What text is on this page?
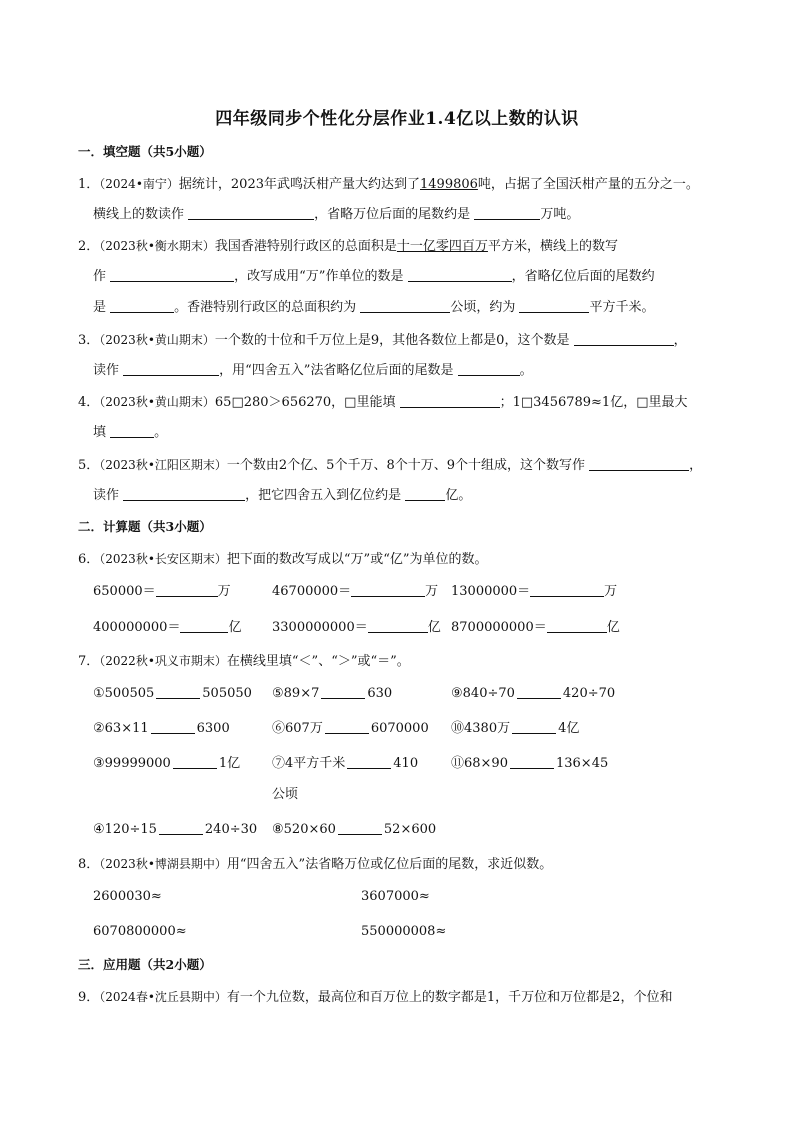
四年级同步个性化分层作业1.4亿以上数的认识
一．填空题（共5小题）
1．（2024•南宁）据统计，2023年武鸣沃柑产量大约达到了1499806吨，占据了全国沃柑产量的五分之一。
横线上的数读作	，省略万位后面的尾数约是	万吨。
2．（2023秋•衡水期末）我国香港特别行政区的总面积是十一亿零四百万平方米，横线上的数写
作	，改写成用“万”作单位的数是	，省略亿位后面的尾数约
是	。香港特别行政区的总面积约为	公顷，约为	平方千米。
3．（2023秋•黄山期末）一个数的十位和千万位上是9，其他各数位上都是0，这个数是	，
读作	，用“四舍五入”法省略亿位后面的尾数是	。
4．（2023秋•黄山期末）65□280＞656270，□里能填	；1□3456789≈1亿，□里最大
填	。
5．（2023秋•江阳区期末）一个数由2个亿、5个千万、8个十万、9个十组成，这个数写作	，
读作	，把它四舍五入到亿位约是	亿。
二．计算题（共3小题）
6．（2023秋•长安区期末）把下面的数改写成以“万”或“亿”为单位的数。
650000＝	万	46700000＝	万 13000000＝	万
400000000＝	亿 3300000000＝	亿 8700000000＝	亿
7．（2022秋•巩义市期末）在横线里填“＜”、“＞”或“＝”。
①500505	505050 ⑤89×7	630	⑨840÷70	420÷70
②63×11	6300	⑥607万	6070000 ⑩4380万	4亿
③99999000	1亿 ⑦4平方千米	410	⑪68×90	136×45
公顷
④120÷15	240÷30 ⑧520×60	52×600
8．（2023秋•博湖县期中）用“四舍五入”法省略万位或亿位后面的尾数，求近似数。
2600030≈	3607000≈
6070800000≈	550000008≈
三．应用题（共2小题）
9．（2024春•沈丘县期中）有一个九位数，最高位和百万位上的数字都是1，千万位和万位都是2，个位和
